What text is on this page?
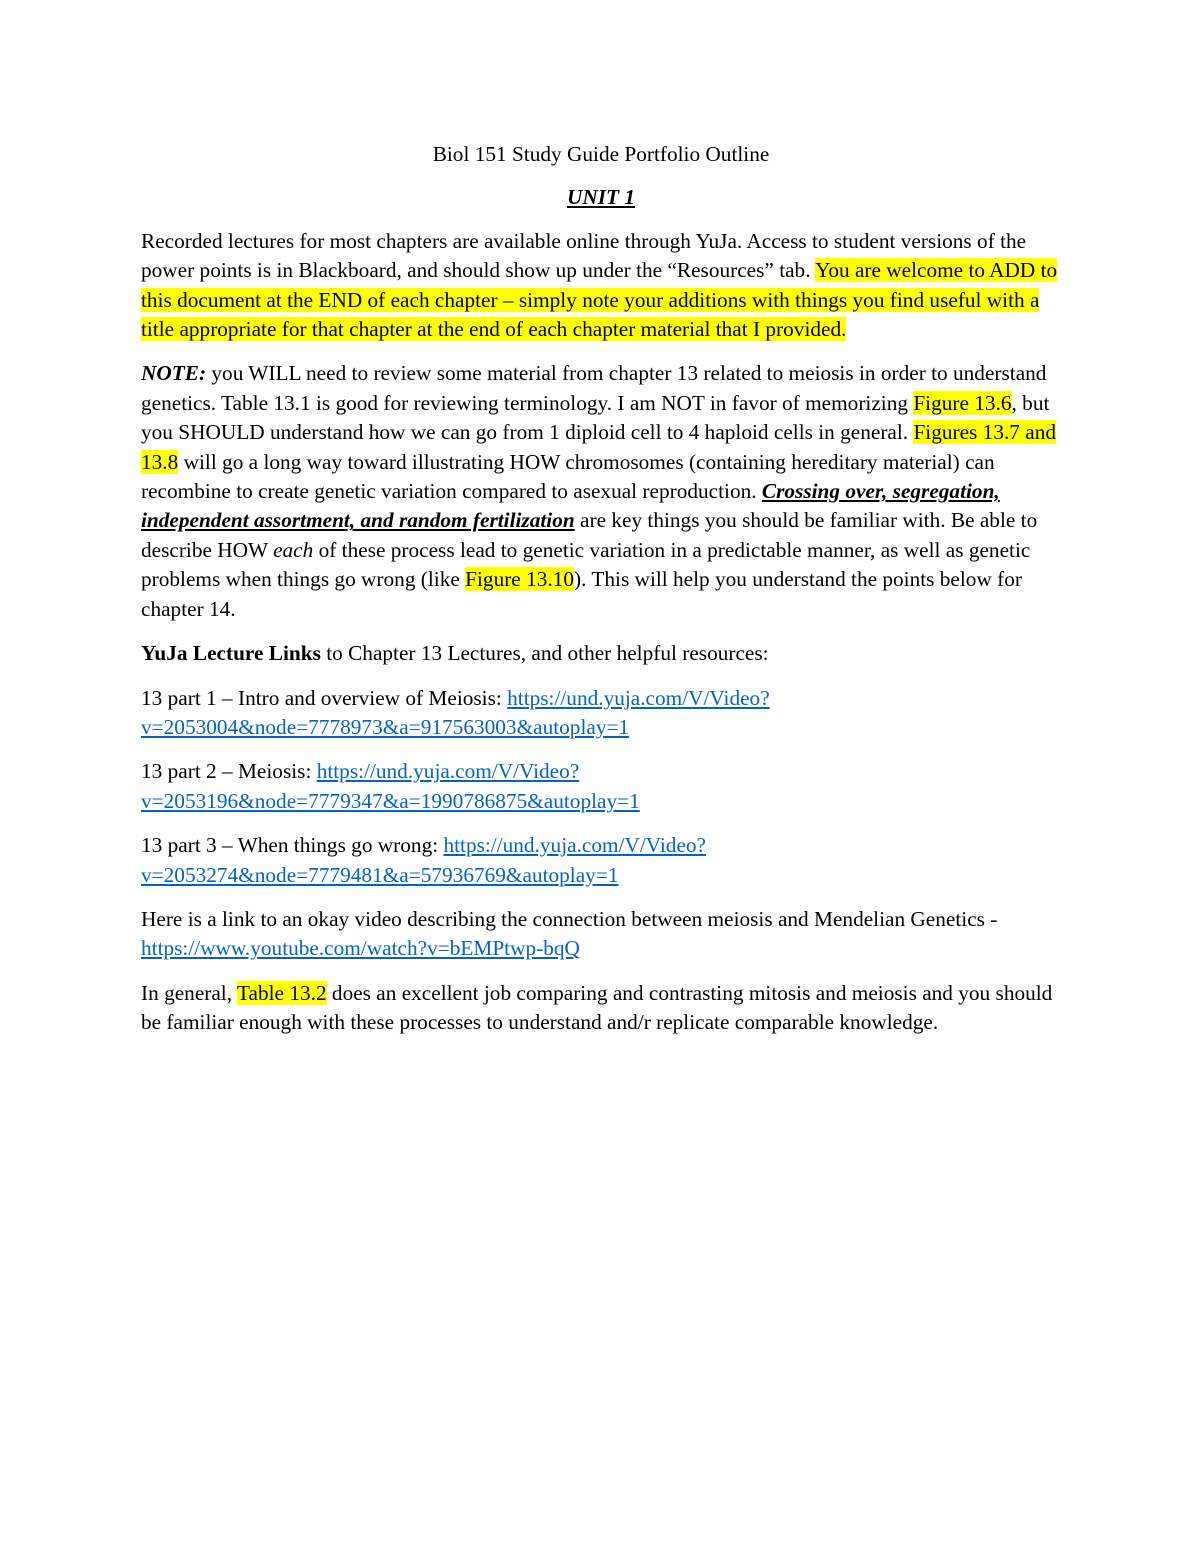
Biol 151 Study Guide Portfolio Outline

UNIT 1

Recorded lectures for most chapters are available online through YuJa. Access to student versions of the power points is in Blackboard, and should show up under the “Resources” tab. You are welcome to ADD to this document at the END of each chapter – simply note your additions with things you find useful with a title appropriate for that chapter at the end of each chapter material that I provided.

NOTE: you WILL need to review some material from chapter 13 related to meiosis in order to understand genetics. Table 13.1 is good for reviewing terminology. I am NOT in favor of memorizing Figure 13.6, but you SHOULD understand how we can go from 1 diploid cell to 4 haploid cells in general. Figures 13.7 and 13.8 will go a long way toward illustrating HOW chromosomes (containing hereditary material) can recombine to create genetic variation compared to asexual reproduction. Crossing over, segregation, independent assortment, and random fertilization are key things you should be familiar with. Be able to describe HOW each of these process lead to genetic variation in a predictable manner, as well as genetic problems when things go wrong (like Figure 13.10). This will help you understand the points below for chapter 14.

YuJa Lecture Links to Chapter 13 Lectures, and other helpful resources:

13 part 1 – Intro and overview of Meiosis: https://und.yuja.com/V/Video?
v=2053004&node=7778973&a=917563003&autoplay=1

13 part 2 – Meiosis: https://und.yuja.com/V/Video?
v=2053196&node=7779347&a=1990786875&autoplay=1

13 part 3 – When things go wrong: https://und.yuja.com/V/Video?
v=2053274&node=7779481&a=57936769&autoplay=1

Here is a link to an okay video describing the connection between meiosis and Mendelian Genetics - https://www.youtube.com/watch?v=bEMPtwp-bqQ

In general, Table 13.2 does an excellent job comparing and contrasting mitosis and meiosis and you should be familiar enough with these processes to understand and/r replicate comparable knowledge.
